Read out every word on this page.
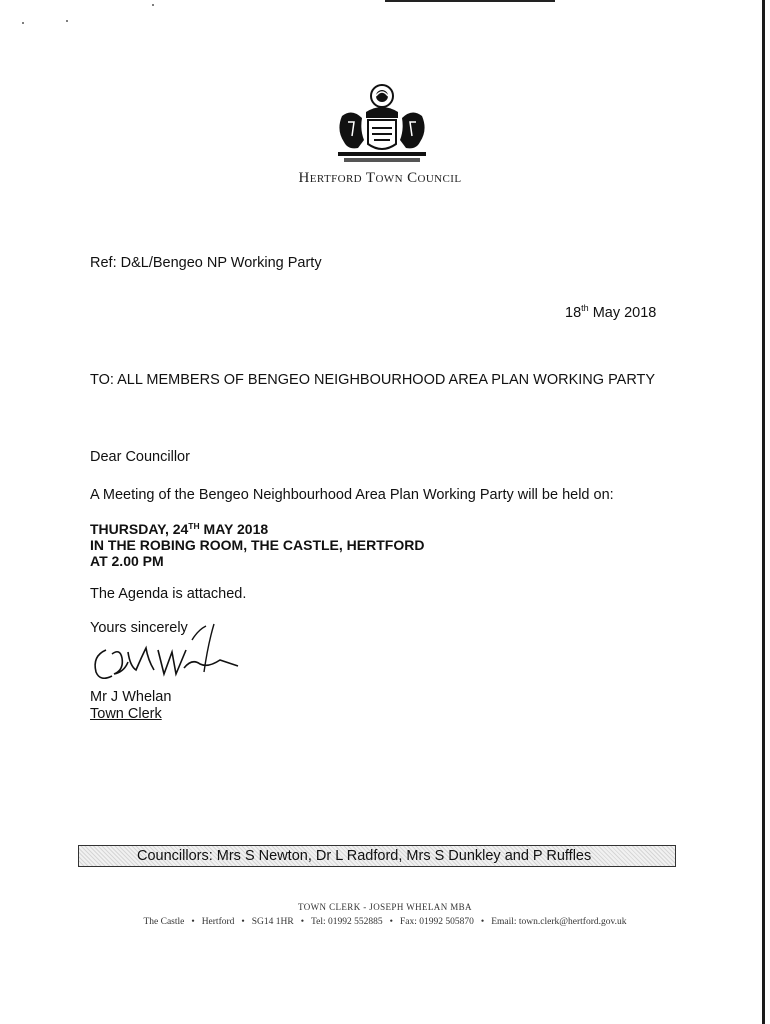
Hertford Town Council
Ref: D&L/Bengeo NP Working Party
18th May 2018
TO: ALL MEMBERS OF BENGEO NEIGHBOURHOOD AREA PLAN WORKING PARTY
Dear Councillor
A Meeting of the Bengeo Neighbourhood Area Plan Working Party will be held on:
THURSDAY, 24TH MAY 2018
IN THE ROBING ROOM, THE CASTLE, HERTFORD
AT 2.00 PM
The Agenda is attached.
Yours sincerely
Mr J Whelan
Town Clerk
Councillors: Mrs S Newton, Dr L Radford, Mrs S Dunkley and P Ruffles
TOWN CLERK - JOSEPH WHELAN MBA
The Castle • Hertford • SG14 1HR • Tel: 01992 552885 • Fax: 01992 505870 • Email: town.clerk@hertford.gov.uk
